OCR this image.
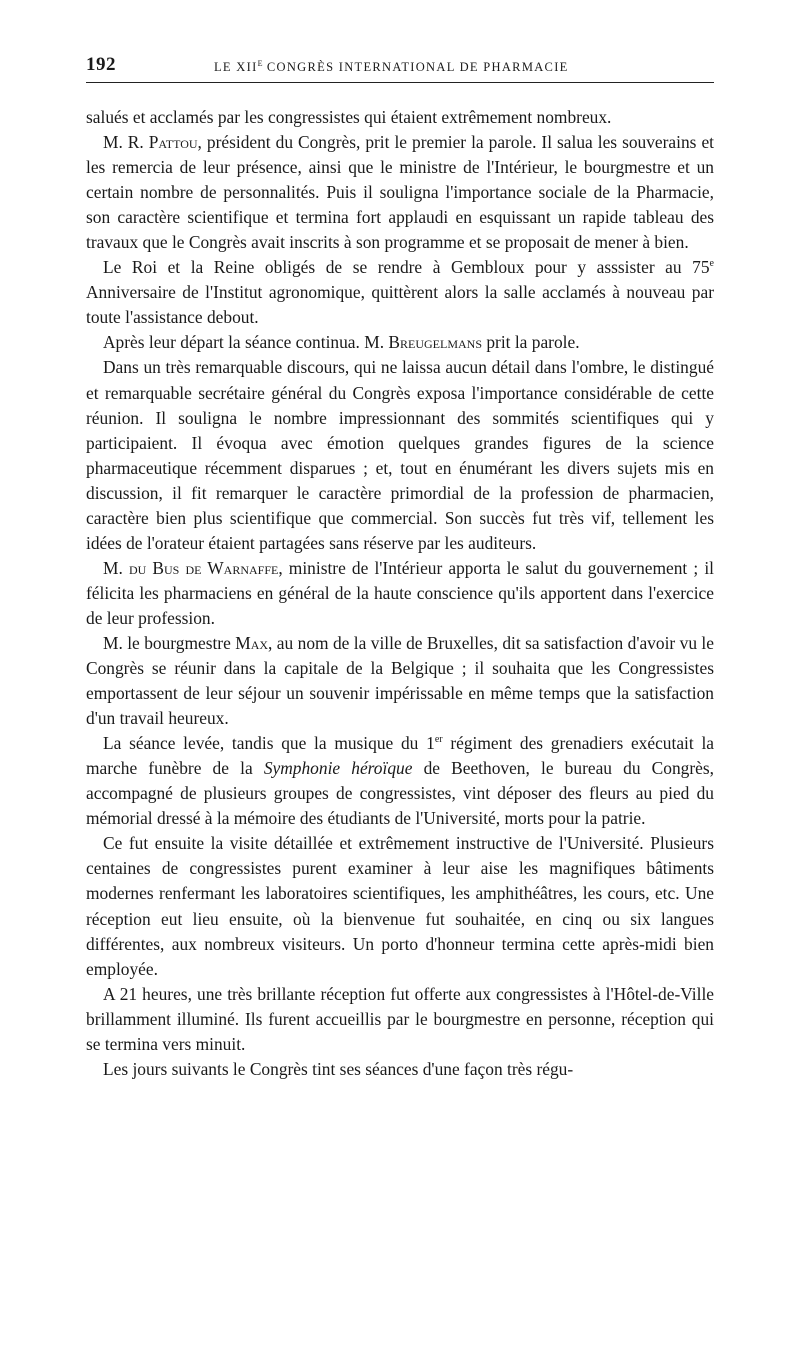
192	LE $XII^E$ CONGRÈS INTERNATIONAL DE PHARMACIE

salués et acclamés par les congressistes qui étaient extrêmement nombreux.

M. R. Pattou, président du Congrès, prit le premier la parole. Il salua les souverains et les remercia de leur présence, ainsi que le ministre de l'Intérieur, le bourgmestre et un certain nombre de personnalités. Puis il souligna l'importance sociale de la Pharmacie, son caractère scientifique et termina fort applaudi en esquissant un rapide tableau des travaux que le Congrès avait inscrits à son programme et se proposait de mener à bien.

Le Roi et la Reine obligés de se rendre à Gembloux pour y asssister au 75e Anniversaire de l'Institut agronomique, quittèrent alors la salle acclamés à nouveau par toute l'assistance debout.

Après leur départ la séance continua. M. Breugelmans prit la parole.

Dans un très remarquable discours, qui ne laissa aucun détail dans l'ombre, le distingué et remarquable secrétaire général du Congrès exposa l'importance considérable de cette réunion. Il souligna le nombre impressionnant des sommités scientifiques qui y participaient. Il évoqua avec émotion quelques grandes figures de la science pharmaceutique récemment disparues ; et, tout en énumérant les divers sujets mis en discussion, il fit remarquer le caractère primordial de la profession de pharmacien, caractère bien plus scientifique que commercial. Son succès fut très vif, tellement les idées de l'orateur étaient partagées sans réserve par les auditeurs.

M. du Bus de Warnaffe, ministre de l'Intérieur apporta le salut du gouvernement ; il félicita les pharmaciens en général de la haute conscience qu'ils apportent dans l'exercice de leur profession.

M. le bourgmestre Max, au nom de la ville de Bruxelles, dit sa satisfaction d'avoir vu le Congrès se réunir dans la capitale de la Belgique ; il souhaita que les Congressistes emportassent de leur séjour un souvenir impérissable en même temps que la satisfaction d'un travail heureux.

La séance levée, tandis que la musique du 1er régiment des grenadiers exécutait la marche funèbre de la Symphonie héroïque de Beethoven, le bureau du Congrès, accompagné de plusieurs groupes de congressistes, vint déposer des fleurs au pied du mémorial dressé à la mémoire des étudiants de l'Université, morts pour la patrie.

Ce fut ensuite la visite détaillée et extrêmement instructive de l'Université. Plusieurs centaines de congressistes purent examiner à leur aise les magnifiques bâtiments modernes renfermant les laboratoires scientifiques, les amphithéâtres, les cours, etc. Une réception eut lieu ensuite, où la bienvenue fut souhaitée, en cinq ou six langues différentes, aux nombreux visiteurs. Un porto d'honneur termina cette après-midi bien employée.

A 21 heures, une très brillante réception fut offerte aux congressistes à l'Hôtel-de-Ville brillamment illuminé. Ils furent accueillis par le bourgmestre en personne, réception qui se termina vers minuit.

Les jours suivants le Congrès tint ses séances d'une façon très régu-
